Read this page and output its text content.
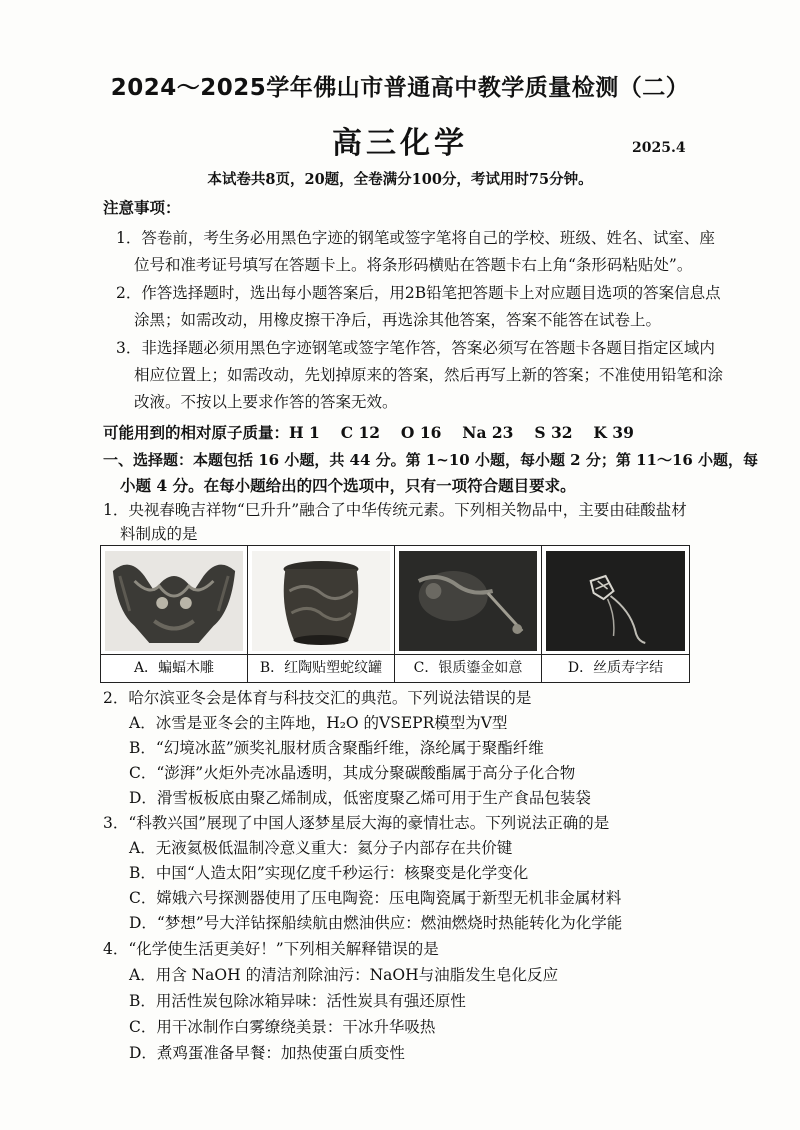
2024～2025学年佛山市普通高中教学质量检测（二）
高三化学	2025.4
本试卷共8页，20题，全卷满分100分，考试用时75分钟。
注意事项：
1．答卷前，考生务必用黑色字迹的钢笔或签字笔将自己的学校、班级、姓名、试室、座
位号和准考证号填写在答题卡上。将条形码横贴在答题卡右上角“条形码粘贴处”。
2．作答选择题时，选出每小题答案后，用2B铅笔把答题卡上对应题目选项的答案信息点
涂黑；如需改动，用橡皮擦干净后，再选涂其他答案，答案不能答在试卷上。
3．非选择题必须用黑色字迹钢笔或签字笔作答，答案必须写在答题卡各题目指定区域内
相应位置上；如需改动，先划掉原来的答案，然后再写上新的答案；不准使用铅笔和涂
改液。不按以上要求作答的答案无效。
可能用到的相对原子质量：H 1　 C 12　 O 16　 Na 23　 S 32　 K 39
一、选择题：本题包括 16 小题，共 44 分。第 1~10 小题，每小题 2 分；第 11～16 小题，每
小题 4 分。在每小题给出的四个选项中，只有一项符合题目要求。
1．央视春晚吉祥物“巳升升”融合了中华传统元素。下列相关物品中，主要由硅酸盐材
料制成的是
A．蝙蝠木雕	B．红陶贴塑蛇纹罐	C．银质鎏金如意	D．丝质寿字结
2．哈尔滨亚冬会是体育与科技交汇的典范。下列说法错误的是
A．冰雪是亚冬会的主阵地，H₂O 的VSEPR模型为V型
B．“幻境冰蓝”颁奖礼服材质含聚酯纤维，涤纶属于聚酯纤维
C．“澎湃”火炬外壳冰晶透明，其成分聚碳酸酯属于高分子化合物
D．滑雪板板底由聚乙烯制成，低密度聚乙烯可用于生产食品包装袋
3．“科教兴国”展现了中国人逐梦星辰大海的豪情壮志。下列说法正确的是
A．无液氦极低温制冷意义重大：氦分子内部存在共价键
B．中国“人造太阳”实现亿度千秒运行：核聚变是化学变化
C．嫦娥六号探测器使用了压电陶瓷：压电陶瓷属于新型无机非金属材料
D．“梦想”号大洋钻探船续航由燃油供应：燃油燃烧时热能转化为化学能
4．“化学使生活更美好！”下列相关解释错误的是
A．用含 NaOH 的清洁剂除油污：NaOH与油脂发生皂化反应
B．用活性炭包除冰箱异味：活性炭具有强还原性
C．用干冰制作白雾缭绕美景：干冰升华吸热
D．煮鸡蛋准备早餐：加热使蛋白质变性
